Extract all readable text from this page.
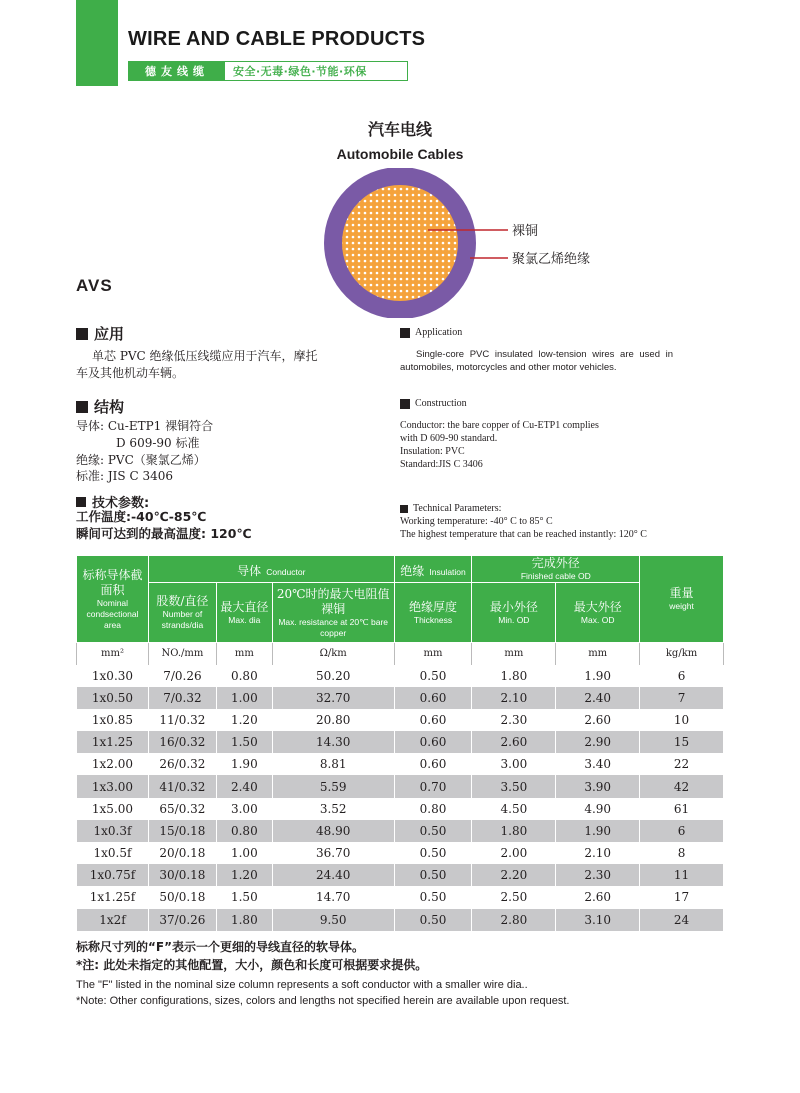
WIRE AND CABLE PRODUCTS
德友线缆	安全·无毒·绿色·节能·环保
汽车电线
Automobile Cables
裸铜
聚氯乙烯绝缘
AVS
应用
单芯 PVC 绝缘低压线缆应用于汽车，摩托
车及其他机动车辆。
Application
Single-core PVC insulated low-tension wires are used in
automobiles, motorcycles and other motor vehicles.
结构
导体: Cu-ETP1 裸铜符合
D 609-90 标准
绝缘: PVC（聚氯乙烯）
标准: JIS C 3406
Construction
Conductor: the bare copper of Cu-ETP1 complies
with D 609-90 standard.
Insulation: PVC
Standard:JIS C 3406
技术参数:
工作温度:-40℃-85℃
瞬间可达到的最高温度: 120℃
Technical Parameters:
Working temperature: -40° C to 85° C
The highest temperature that can be reached instantly: 120° C
标称导体截面积
Nominal condsectional area	导体 Conductor			绝缘 Insulation	完成外径
Finished cable OD		重量
weight

	股数/直径
Number of strands/dia	最大直径
Max. dia	20℃时的最大电阻值裸铜
Max. resistance at 20℃ bare copper	绝缘厚度
Thickness	最小外径
Min. OD	最大外径
Max. OD	

mm²	NO./mm	mm	Ω/km	mm	mm	mm	kg/km
1x0.30	7/0.26	0.80	50.20	0.50	1.80	1.90	6
1x0.50	7/0.32	1.00	32.70	0.60	2.10	2.40	7
1x0.85	11/0.32	1.20	20.80	0.60	2.30	2.60	10
1x1.25	16/0.32	1.50	14.30	0.60	2.60	2.90	15
1x2.00	26/0.32	1.90	8.81	0.60	3.00	3.40	22
1x3.00	41/0.32	2.40	5.59	0.70	3.50	3.90	42
1x5.00	65/0.32	3.00	3.52	0.80	4.50	4.90	61
1x0.3f	15/0.18	0.80	48.90	0.50	1.80	1.90	6
1x0.5f	20/0.18	1.00	36.70	0.50	2.00	2.10	8
1x0.75f	30/0.18	1.20	24.40	0.50	2.20	2.30	11
1x1.25f	50/0.18	1.50	14.70	0.50	2.50	2.60	17
1x2f	37/0.26	1.80	9.50	0.50	2.80	3.10	24
标称尺寸列的“F”表示一个更细的导线直径的软导体。
*注: 此处未指定的其他配置，大小，颜色和长度可根据要求提供。
The "F" listed in the nominal size column represents a soft conductor with a smaller wire dia..
*Note: Other configurations, sizes, colors and lengths not specified herein are available upon request.
